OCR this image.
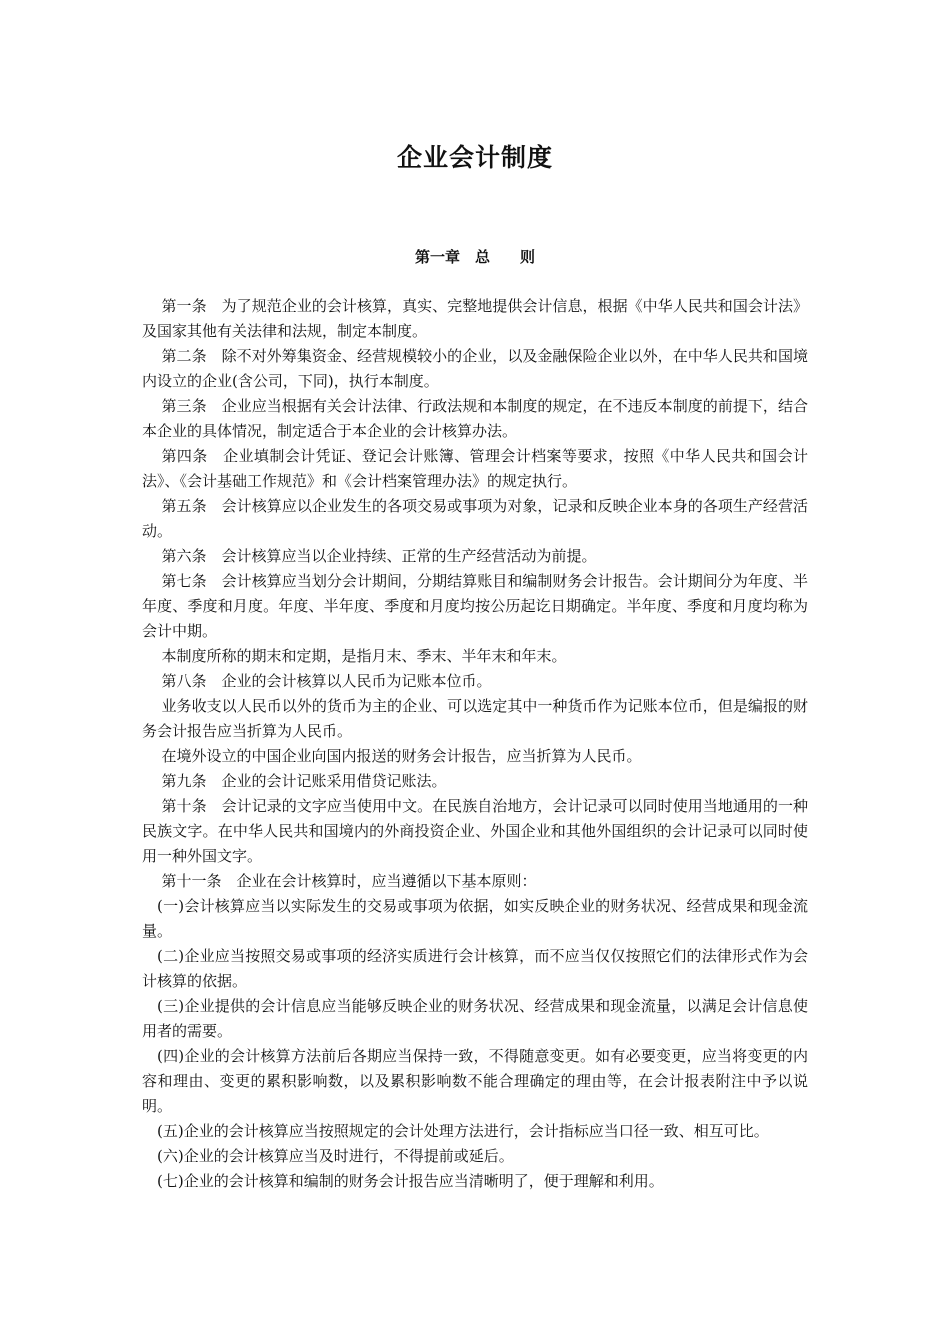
企业会计制度
第一章　总　　则

第一条　为了规范企业的会计核算，真实、完整地提供会计信息，根据《中华人民共和国会计法》及国家其他有关法律和法规，制定本制度。

第二条　除不对外筹集资金、经营规模较小的企业，以及金融保险企业以外，在中华人民共和国境内设立的企业(含公司，下同)，执行本制度。

第三条　企业应当根据有关会计法律、行政法规和本制度的规定，在不违反本制度的前提下，结合本企业的具体情况，制定适合于本企业的会计核算办法。

第四条　企业填制会计凭证、登记会计账簿、管理会计档案等要求，按照《中华人民共和国会计法》、《会计基础工作规范》和《会计档案管理办法》的规定执行。

第五条　会计核算应以企业发生的各项交易或事项为对象，记录和反映企业本身的各项生产经营活动。

第六条　会计核算应当以企业持续、正常的生产经营活动为前提。

第七条　会计核算应当划分会计期间，分期结算账目和编制财务会计报告。会计期间分为年度、半年度、季度和月度。年度、半年度、季度和月度均按公历起讫日期确定。半年度、季度和月度均称为会计中期。

本制度所称的期末和定期，是指月末、季末、半年末和年末。

第八条　企业的会计核算以人民币为记账本位币。

业务收支以人民币以外的货币为主的企业、可以选定其中一种货币作为记账本位币，但是编报的财务会计报告应当折算为人民币。

在境外设立的中国企业向国内报送的财务会计报告，应当折算为人民币。

第九条　企业的会计记账采用借贷记账法。

第十条　会计记录的文字应当使用中文。在民族自治地方，会计记录可以同时使用当地通用的一种民族文字。在中华人民共和国境内的外商投资企业、外国企业和其他外国组织的会计记录可以同时使用一种外国文字。

第十一条　企业在会计核算时，应当遵循以下基本原则：

(一)会计核算应当以实际发生的交易或事项为依据，如实反映企业的财务状况、经营成果和现金流量。

(二)企业应当按照交易或事项的经济实质进行会计核算，而不应当仅仅按照它们的法律形式作为会计核算的依据。

(三)企业提供的会计信息应当能够反映企业的财务状况、经营成果和现金流量，以满足会计信息使用者的需要。

(四)企业的会计核算方法前后各期应当保持一致，不得随意变更。如有必要变更，应当将变更的内容和理由、变更的累积影响数，以及累积影响数不能合理确定的理由等，在会计报表附注中予以说明。

(五)企业的会计核算应当按照规定的会计处理方法进行，会计指标应当口径一致、相互可比。

(六)企业的会计核算应当及时进行，不得提前或延后。

(七)企业的会计核算和编制的财务会计报告应当清晰明了，便于理解和利用。
